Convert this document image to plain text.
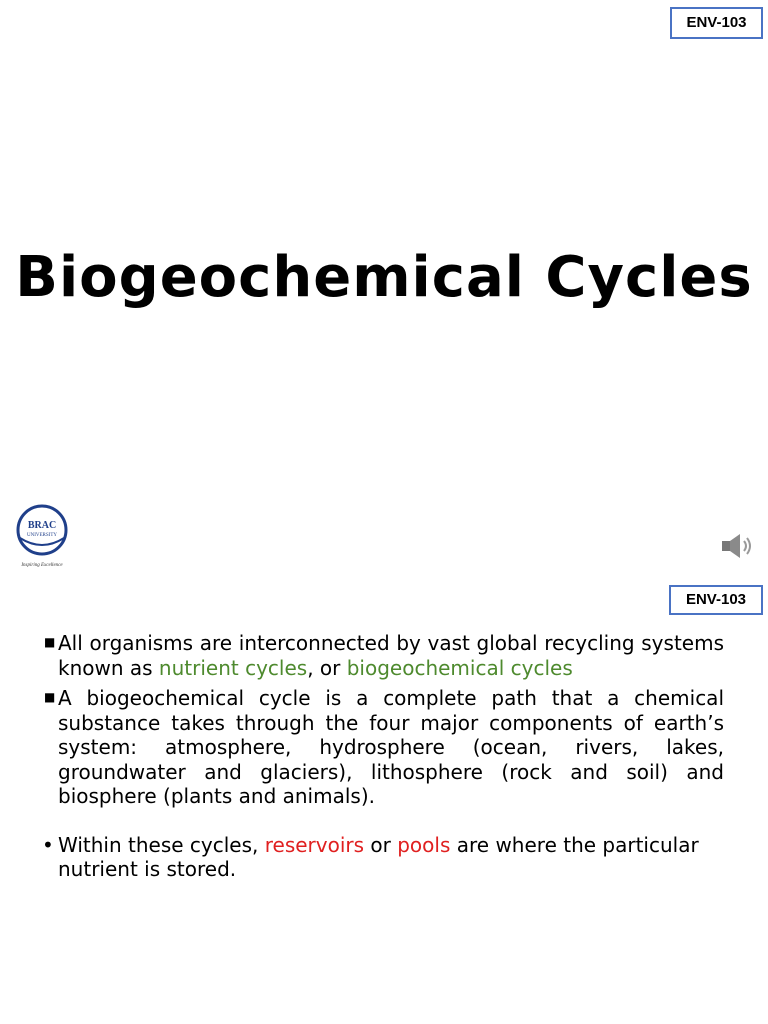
ENV-103
Biogeochemical Cycles
BRAC
UNIVERSITY
Inspiring Excellence
ENV-103
■ All organisms are interconnected by vast global recycling systems known as nutrient cycles, or biogeochemical cycles
■ A biogeochemical cycle is a complete path that a chemical substance takes through the four major components of earth’s system: atmosphere, hydrosphere (ocean, rivers, lakes, groundwater and glaciers), lithosphere (rock and soil) and biosphere (plants and animals).
• Within these cycles, reservoirs or pools are where the particular nutrient is stored.
